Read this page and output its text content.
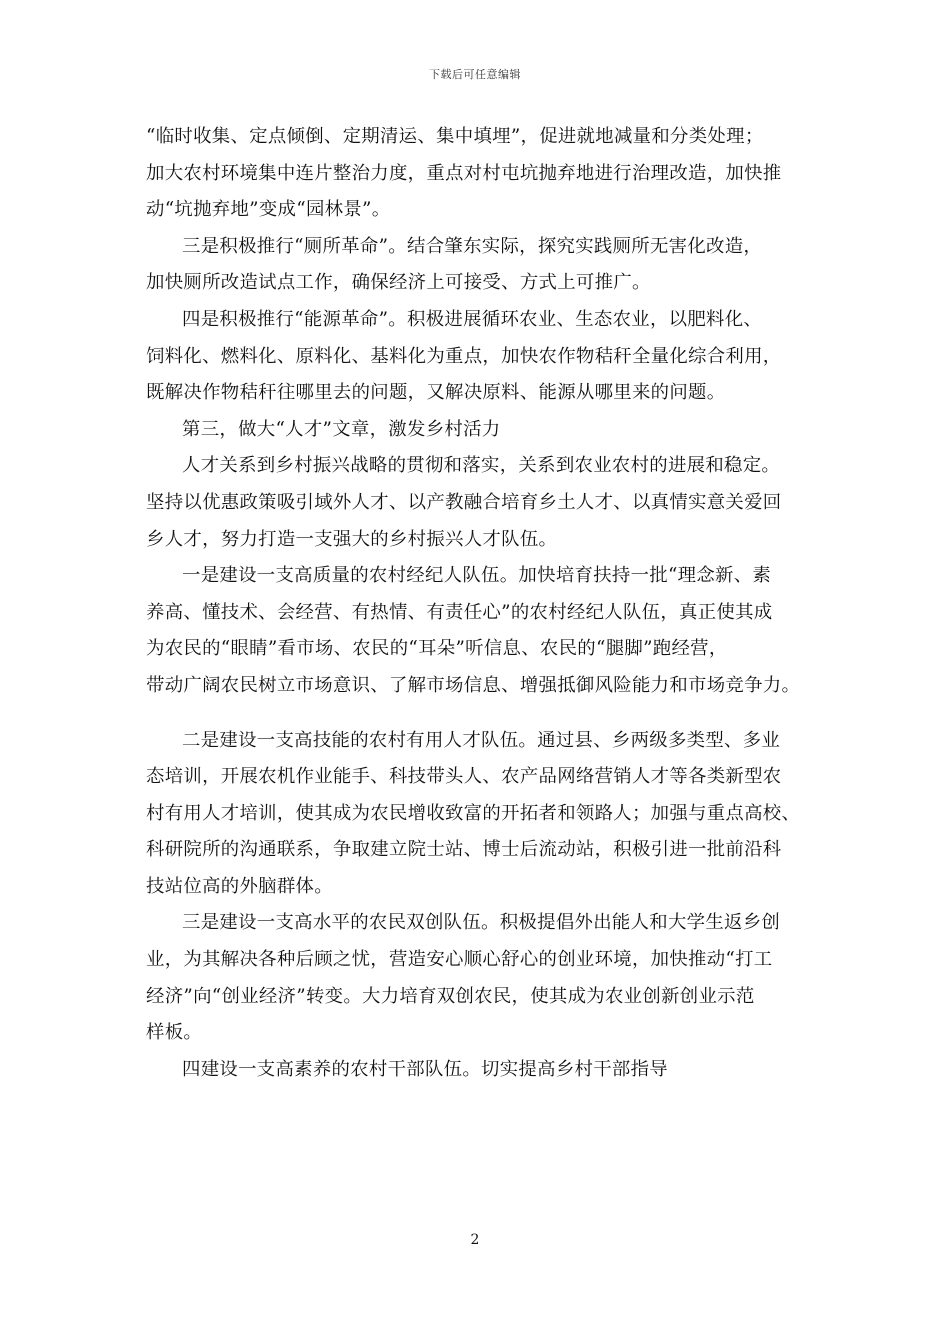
下载后可任意编辑
“临时收集、定点倾倒、定期清运、集中填埋”，促进就地减量和分类处理；
加大农村环境集中连片整治力度，重点对村屯坑抛弃地进行治理改造，加快推
动“坑抛弃地”变成“园林景”。
三是积极推行“厕所革命”。结合肇东实际，探究实践厕所无害化改造，
加快厕所改造试点工作，确保经济上可接受、方式上可推广。
四是积极推行“能源革命”。积极进展循环农业、生态农业，以肥料化、
饲料化、燃料化、原料化、基料化为重点，加快农作物秸秆全量化综合利用，
既解决作物秸秆往哪里去的问题，又解决原料、能源从哪里来的问题。
第三，做大“人才”文章，激发乡村活力
人才关系到乡村振兴战略的贯彻和落实，关系到农业农村的进展和稳定。
坚持以优惠政策吸引域外人才、以产教融合培育乡土人才、以真情实意关爱回
乡人才，努力打造一支强大的乡村振兴人才队伍。
一是建设一支高质量的农村经纪人队伍。加快培育扶持一批“理念新、素
养高、懂技术、会经营、有热情、有责任心”的农村经纪人队伍，真正使其成
为农民的“眼睛”看市场、农民的“耳朵”听信息、农民的“腿脚”跑经营，
带动广阔农民树立市场意识、了解市场信息、增强抵御风险能力和市场竞争力。
二是建设一支高技能的农村有用人才队伍。通过县、乡两级多类型、多业
态培训，开展农机作业能手、科技带头人、农产品网络营销人才等各类新型农
村有用人才培训，使其成为农民增收致富的开拓者和领路人；加强与重点高校、
科研院所的沟通联系，争取建立院士站、博士后流动站，积极引进一批前沿科
技站位高的外脑群体。
三是建设一支高水平的农民双创队伍。积极提倡外出能人和大学生返乡创
业，为其解决各种后顾之忧，营造安心顺心舒心的创业环境，加快推动“打工
经济”向“创业经济”转变。大力培育双创农民，使其成为农业创新创业示范
样板。
四建设一支高素养的农村干部队伍。切实提高乡村干部指导
2
